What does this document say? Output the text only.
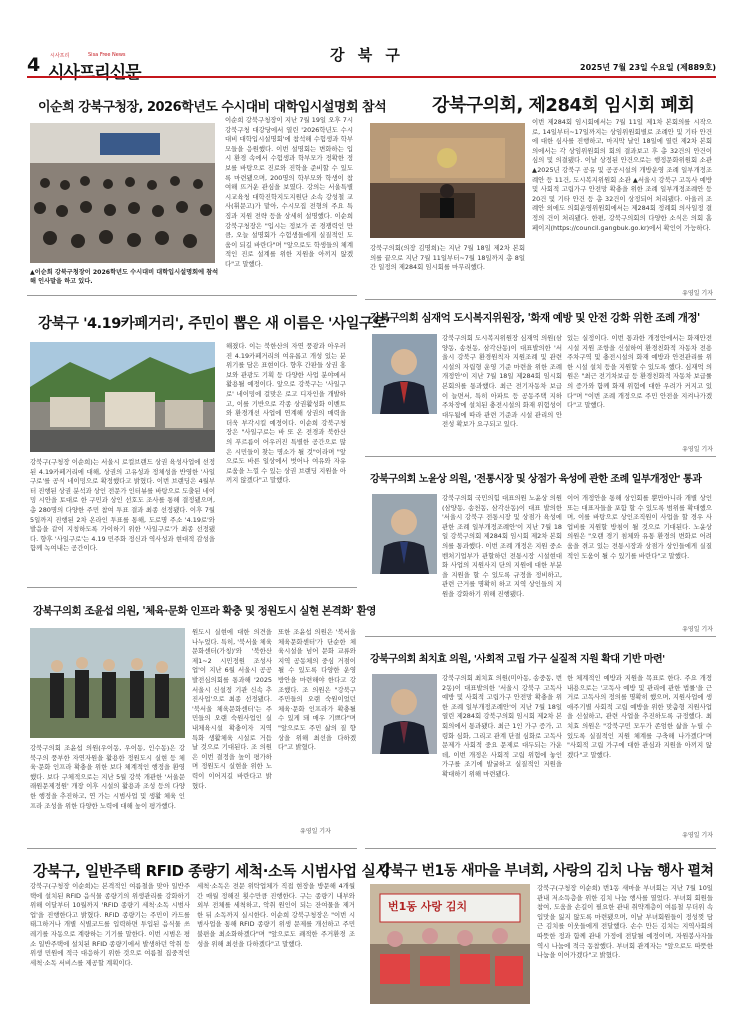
4 시사프리	Sisa Free News
시사프리신문
강 북 구
2025년 7월 23일 수요일 (제889호)
이순희 강북구청장, 2026학년도 수시대비 대학입시설명회 참석
▲이순희 강북구청장이 2026학년도 수시대비 대학입시설명회에 참석해 인사말을 하고 있다.
이순희 강북구청장이 지난 7월 19일 오후 7시 강북구청 대강당에서 열린 '2026학년도 수시대비 대학입시설명회'에 참석해 수험생과 학부모들을 응원했다. 이번 설명회는 변화하는 입시 환경 속에서 수험생과 학부모가 정확한 정보를 바탕으로 진로와 진학을 준비할 수 있도록 마련됐으며, 200명의 학부모와 학생이 참여해 뜨거운 관심을 보였다. 강의는 서울특별시교육청 대학진학지도지원단 소속 강성철 교사(휘문고)가 맡아, 수시모집 전형의 주요 특징과 지원 전략 등을 상세히 설명했다. 이순희 강북구청장은 "입시는 정보가 곧 경쟁력인 만큼, 오늘 설명회가 수험생들에게 실질적인 도움이 되길 바란다"며 "앞으로도 학생들의 체계적인 진로 설계를 위한 지원을 아끼지 않겠다"고 말했다.
강북구의회, 제284회 임시회 폐회
강북구의회(의장 김명희)는 지난 7월 18일 제2차 본회의를 끝으로 지난 7월 11일부터~7월 18일까지 총 8일간 일정의 제284회 임시회를 마무리했다.
이번 제284회 임시회에서는 7월 11일 제1차 본회의를 시작으로, 14일부터~17일까지는 상임위원회별로 조례안 및 기타 안건에 대한 심사를 진행하고, 마지막 날인 18일에 열린 제2차 본회의에서는 각 상임위원회의 회의 결과보고 후 총 32건의 안건이 심의 및 의결됐다. 이날 상정된 안건으로는 행정문화위원회 소관 ▲2025년 강북구 공유 및 공공시설의 개방운영 조례 일부개정조례안 등 11건, 도시복지위원회 소관 ▲서울시 강북구 고독사 예방 및 사회적 고립가구 안전망 확충을 위한 조례 일부개정조례안 등 20건 및 기타 안건 등 총 32건이 상정되어 처리됐다. 아울러 조례안 외에도 의회운영위원회에서는 제284회 정례회 의사일정 결정의 건이 처리됐다. 한편, 강북구의회의 다양한 소식은 의회 홈페이지(https://council.gangbuk.go.kr)에서 확인이 가능하다.
유영일 기자
강북구 '4.19카페거리', 주민이 뽑은 새 이름은 '사일구로'
강북구(구청장 이순희)는 서울시 로컬브랜드 상권 육성사업에 선정된 4.19카페거리에 대해, 상권의 고유성과 정체성을 반영한 '사일구로'를 공식 네이밍으로 확정했다고 밝혔다. 이번 브랜딩은 4월부터 진행된 상권 분석과 상인 전문가 인터뷰를 바탕으로 도출된 네이밍 시안을 토대로 한 구민과 상인 선호도 조사를 통해 결정됐으며, 총 280명의 다양한 주민 참여 투표 결과 최종 선정됐다. 이후 7월 5일까지 진행된 2차 온라인 투표를 통해, 도로명 주소 '4.19로'와 발음을 같이 지칭하도록 가이하기 위한 '사일구로'가 최종 선정됐다. 향후 '사일구로'는 4.19 민주화 정신과 역사성과 현대적 감성을 함께 녹여내는 공간이다.
해졌다. 이는 북한산의 자연 풍광과 아우러진 4.19카페거리의 여유롭고 개성 있는 분위기를 담은 표현이다. 향후 간판들 상권 홍보와 관광도 기획 등 다양한 사업 분야에서 활용될 예정이다. 앞으로 강북구는 '사일구로' 네이밍에 걸맞은 로고 디자인을 개발하고, 이를 기반으로 각종 상권활성화 이벤트와 환경개선 사업에 연계해 상권의 매력을 더욱 부각시킬 예정이다. 이순희 강북구청장은 "사일구로는 바 또 온 전경과 북한산의 푸르름이 어우러진 특별한 공간으로 많은 시민들이 찾는 명소가 될 것"이라며 "앞으로도 바른 일상에서 벗어나 여유와 자유로움을 느낄 수 있는 상권 브랜딩 지원을 아끼지 않겠다"고 말했다.
강북구의회 심재억 도시복지위원장, '화재 예방 및 안전 강화 위한 조례 개정'
강북구의회 도시복지위원장 심재억 의원(삼양동, 송천동, 삼각산동)이 대표발의한 '서울시 강북구 환경원칙자 지원조례 및 관련 시설의 자립형 운영 기준 마련을 위한 조례 개정안'이 지난 7월 18일 제284회 임시회 본회의를 통과했다. 최근 전기자동차 보급이 늘면서, 특히 아파트 등 공동주택 지하 주차장에 설치된 충전시설의 화재 위험성이 대두됨에 따라 관련 기준과 시설 관리의 안전성 확보가 요구되고 있다.
있는 실정이다. 이번 통과한 개정안에서는 화재안전시설 지원 조항을 신설하여 환경친화적 자동차 전용주차구역 및 충전시설의 화재 예방과 안전관리를 위한 시설 설치 등을 지원할 수 있도록 했다. 심재억 의원은 "최근 전기차보급 등 환경친화적 자동차 보급률의 증가와 함께 화재 위험에 대한 우려가 커지고 있다"며 "이번 조례 개정으로 주민 안전을 지켜나가겠다"고 말했다.
유영일 기자
강북구의회 노윤상 의원, '전통시장 및 상점가 육성에 관한 조례 일부개정안' 통과
강북구의회 국민의힘 대표의원 노윤상 의원(삼양동, 송천동, 삼각산동)이 대표 발의한 '서울시 강북구 전통시장 및 상점가 육성에 관한 조례 일부개정조례안'이 지난 7월 18일 강북구의회 제284회 임시회 제2차 본회의를 통과했다. 이번 조례 개정은 지원 중소벤처기업부가 관할하던 전통시장 시설현대화 사업의 지원사지 단의 지원에 대한 부분을 지원을 할 수 있도록 규정을 정비하고, 관련 근거를 명확히 하고 지역 상인들의 지원을 강화하기 위해 진행됐다.
이어 개정안을 통해 상인회를 뿐만아니라 개별 상인 또는 대표자들을 포함 할 수 있도록 범위를 확대했으며, 이를 바탕으로 상인조직원이 사업을 할 경우 사업비를 지원할 방침이 될 것으로 기대된다. 노윤상 의원은 "오랜 경기 침체와 유통 환경의 변화로 어려움을 겪고 있는 전통시장과 상점가 상인들에게 실질적인 도움이 될 수 있기를 바란다"고 말했다.
유영일 기자
강북구의회 조윤섭 의원, '체육·문화 인프라 확충 및 정원도시 실현 본격화' 환영
강북구의회 조윤섭 의원(우이동, 우이동, 인수동)은 강북구의 풍부한 자연자원을 활용한 정원도시 실현 등 체육·문화 인프라 확충을 위한 보다 체계적인 행정을 환영했다. 보다 구체적으로는 지난 5월 강북 개관한 '서울문래원문제정원' 개장 이후 시설의 활용과 조성 등의 다양한 행정을 추진하고, 연 가는 시범사업 및 생활 체육 인프라 조성을 위한 다양한 노력에 대해 높이 평가했다.
원도시 실현에 대한 의견을 나누었다. 특히, '북서울 체육문화센터(가칭)'와 '북한산 제1~2 시민정원 조성사업'이 지난 6월 서울시 공공발전심의회를 통과해 '2025 서울시 신설정 기관 신속 추진사업'으로 최종 선정됐다. '북서울 체육문화센터'는 주민들의 오랜 숙원사업인 실내체육시설 확충이자 지역 특화 생활체육 시설로 거듭날 것으로 기대된다. 조 의원은 이번 결정을 높이 평가하며 정원도시 실현을 위한 노력이 이어지길 바란다고 밝혔다.
또한 조윤섭 의원은 '북서울 체육문화센터'가 단순한 체육시설을 넘어 문화 교류와 지역 공동체의 중심 거점이 될 수 있도록 다양한 운영 방안을 마련해야 한다고 강조했다. 조 의원은 "강북구 주민들의 오랜 숙원이었던 체육·문화 인프라가 확충될 수 있게 돼 매우 기쁘다"며 "앞으로도 주민 삶의 질 향상을 위해 최선을 다하겠다"고 밝혔다.
유영일 기자
강북구의회 최치효 의원, '사회적 고립 가구 실질적 지원 확대 기반 마련'
강북구의회 최치효 의원(미아동, 송중동, 번2동)이 대표발의한 '서울시 강북구 고독사 예방 및 사회적 고립가구 안전망 확충을 위한 조례 일부개정조례안'이 지난 7월 18일 열린 제284회 강북구의회 임시회 제2차 본회의에서 통과됐다. 최근 1인 가구 증가, 고령화 심화, 그리고 관계 단절 심화로 고독사 문제가 사회적 중요 문제로 대두되는 가운데, 이번 개정은 사회적 고립 위험에 놓인 가구를 조기에 발굴하고 실질적인 지원을 확대하기 위해 마련됐다.
한 체계적인 예방과 지원을 목표로 한다. 주요 개정 내용으로는 '고독사 예방 및 관리에 관한 법률'을 근거로 고독사의 정의를 명확히 했으며, 지원사업에 생애주기별 사회적 고립 예방을 위한 맞춤형 지원사업을 신설하고, 관련 사업을 추진하도록 규정했다. 최치효 의원은 "강북구민 모두가 존엄한 삶을 누릴 수 있도록 실질적인 지원 체계를 구축해 나가겠다"며 "사회적 고립 가구에 대한 관심과 지원을 아끼지 않겠다"고 말했다.
유영일 기자
강북구, 일반주택 RFID 종량기 세척·소독 시범사업 실시
강북구(구청장 이순희)는 본격적인 여름철을 맞아 일반주택에 설치된 RFID 음식물 종량기의 위생관리를 강화하기 위해 이달부터 10월까지 'RFID 종량기 세척·소독 시범사업'을 진행한다고 밝혔다. RFID 종량기는 주민이 카드를 태그하거나 개별 식별코드를 입력하면 투입된 음식물 쓰레기를 자동으로 계량하는 기기를 말한다. 이번 시범은 평소 일반주택에 설치된 RFID 종량기에서 발생하던 악취 등 위생 민원에 적극 대응하기 위한 것으로 여름철 집중적인 세척·소독 서비스를 제공할 계획이다.
세척·소독은 전문 위탁업체가 직접 현장을 방문해 4개월간 매월 정해진 횟수만큼 진행한다. 구는 종량기 내부와 외부 전체를 세척하고, 악취 원인이 되는 잔여물을 제거한 뒤 소독까지 실시한다. 이순희 강북구청장은 "이번 시범사업을 통해 RFID 종량기 위생 문제를 개선하고 주민 불편을 최소화하겠다"며 "앞으로도 쾌적한 주거환경 조성을 위해 최선을 다하겠다"고 말했다.
강북구 번1동 새마을 부녀회, 사랑의 김치 나눔 행사 펼쳐
번1동 사랑 김치
강북구(구청장 이순희) 번1동 새마을 부녀회는 지난 7월 10일 관내 저소득층을 위한 김치 나눔 행사를 열었다. 부녀회 회원들 참여, 도움을 손길이 필요한 관내 취약계층이 여름철 무더위 속 입맛을 잃지 않도록 마련됐으며, 이날 부녀회원들이 정성껏 담근 김치를 이웃들에게 전달했다. 손수 만든 김치는 지역사회의 따뜻한 정과 함께 관내 가정에 전달될 예정이며, 자원봉사자들 역시 나눔에 적극 동참했다. 부녀회 관계자는 "앞으로도 따뜻한 나눔을 이어가겠다"고 밝혔다.
